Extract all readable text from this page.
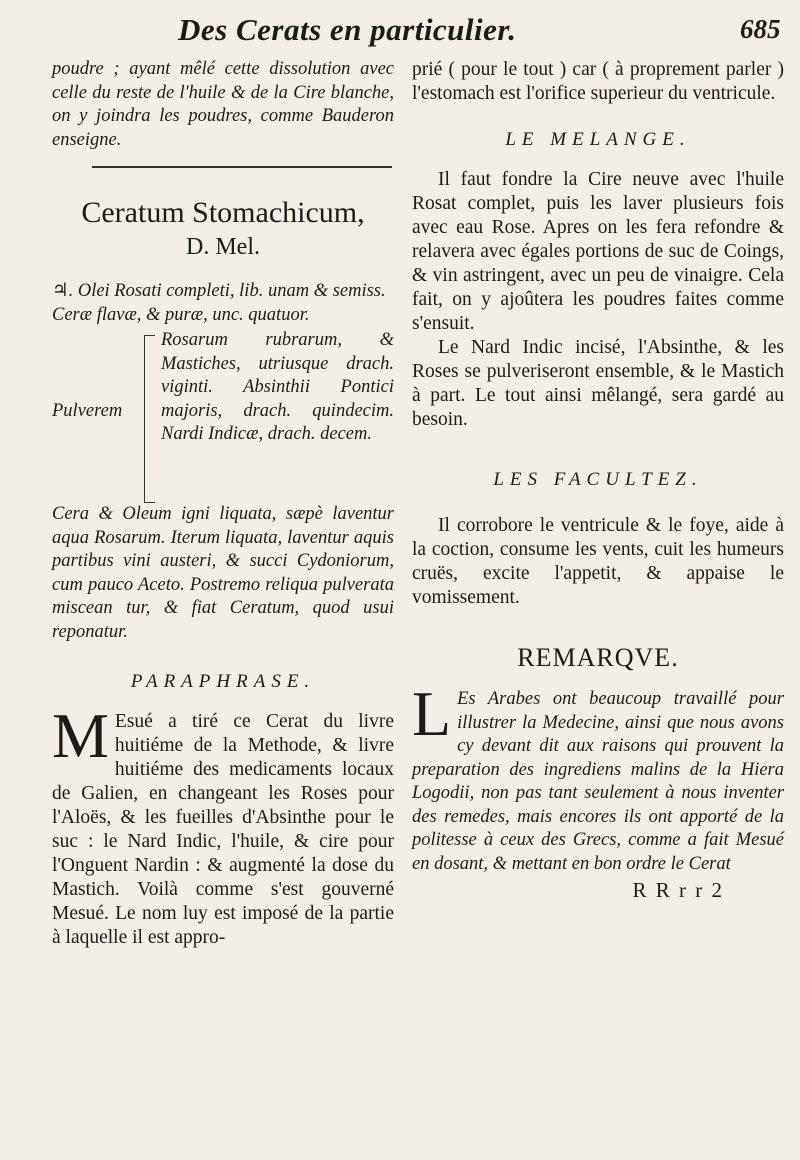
Des Cerats en particulier.	685

poudre ; ayant mêlé cette dissolution avec celle du reste de l'huile & de la Cire blanche, on y joindra les poudres, comme Bauderon enseigne.

Ceratum Stomachicum,

D. Mel.

♃. Olei Rosati completi, lib. unam & semiss.

Ceræ flavæ, & puræ, unc. quatuor.

Pulverem

Rosarum rubrarum, & Mastiches, utriusque drach. viginti. Absinthii Pontici majoris, drach. quindecim. Nardi Indicæ, drach. decem.

Cera & Oleum igni liquata, sæpè laventur aqua Rosarum. Iterum liquata, laventur aquis partibus vini austeri, & succi Cydoniorum, cum pauco Aceto. Postremo reliqua pulverata miscean tur, & fiat Ceratum, quod usui reponatur.

PARAPHRASE.

M Esué a tiré ce Cerat du livre huitiéme de la Methode, & livre huitiéme des medicaments locaux de Galien, en changeant les Roses pour l'Aloës, & les fueilles d'Absinthe pour le suc : le Nard Indic, l'huile, & cire pour l'Onguent Nardin : & augmenté la dose du Mastich. Voilà comme s'est gouverné Mesué. Le nom luy est imposé de la partie à laquelle il est appro-

prié ( pour le tout ) car ( à proprement parler ) l'estomach est l'orifice superieur du ventricule.

LE MELANGE.

Il faut fondre la Cire neuve avec l'huile Rosat complet, puis les laver plusieurs fois avec eau Rose. Apres on les fera refondre & relavera avec égales portions de suc de Coings, & vin astringent, avec un peu de vinaigre. Cela fait, on y ajoûtera les poudres faites comme s'ensuit.

Le Nard Indic incisé, l'Absinthe, & les Roses se pulveriseront ensemble, & le Mastich à part. Le tout ainsi mêlangé, sera gardé au besoin.

LES FACULTEZ.

Il corrobore le ventricule & le foye, aide à la coction, consume les vents, cuit les humeurs cruës, excite l'appetit, & appaise le vomissement.

REMARQVE.

L Es Arabes ont beaucoup travaillé pour illustrer la Medecine, ainsi que nous avons cy devant dit aux raisons qui prouvent la preparation des ingrediens malins de la Hiera Logodii, non pas tant seulement à nous inventer des remedes, mais encores ils ont apporté de la politesse à ceux des Grecs, comme a fait Mesué en dosant, & mettant en bon ordre le Cerat

R R r r 2
